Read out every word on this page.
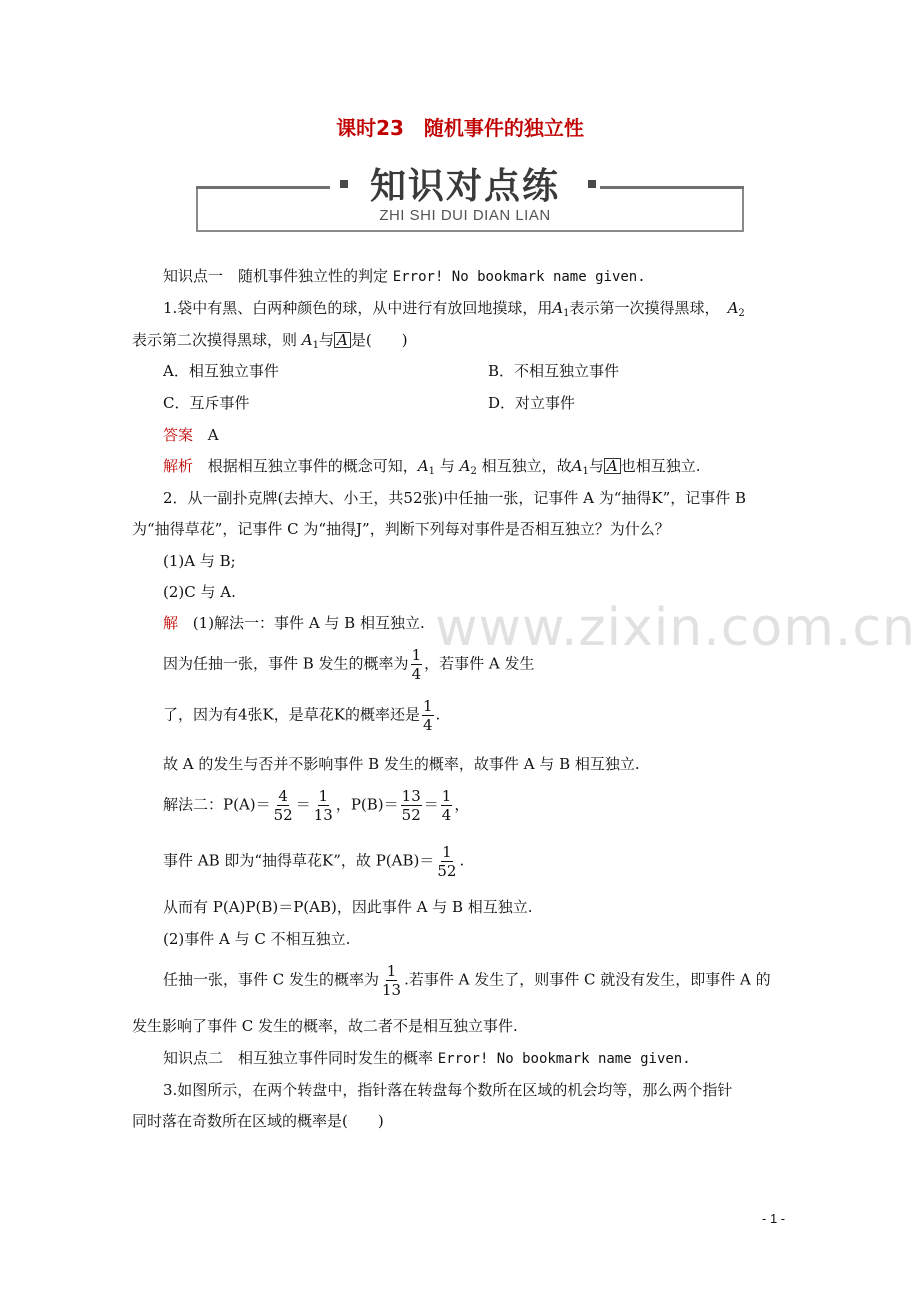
课时23　随机事件的独立性
知识对点练
ZHI SHI DUI DIAN LIAN
www.zixin.com.cn
知识点一　随机事件独立性的判定 Error! No bookmark name given.
1.袋中有黑、白两种颜色的球，从中进行有放回地摸球，用$A_1$表示第一次摸得黑球， $A_2$
表示第二次摸得黑球，则 $A_1$与 A 是(　　)
A．相互独立事件	B．不相互独立事件
C．互斥事件	D．对立事件
答案 A
解析 根据相互独立事件的概念可知，$A_1$ 与 $A_2$ 相互独立，故$A_1$与 A 也相互独立.
2．从一副扑克牌(去掉大、小王，共52张)中任抽一张，记事件 A 为“抽得K”，记事件 B
为“抽得草花”，记事件 C 为“抽得J”，判断下列每对事件是否相互独立？为什么？
(1)A 与 B;
(2)C 与 A.
解 (1)解法一：事件 A 与 B 相互独立.
因为任抽一张，事件 B 发生的概率为 $\frac{1}{4}$ ，若事件 A 发生
了，因为有4张K，是草花K的概率还是 $\frac{1}{4}$ .
故 A 的发生与否并不影响事件 B 发生的概率，故事件 A 与 B 相互独立.
解法二：$P(A)= \frac{4}{52} = \frac{1}{13}$ ，$P(B)= \frac{13}{52} = \frac{1}{4}$ ，
事件 AB 即为“抽得草花K”，故 $P(AB)= \frac{1}{52}$ .
从而有 P(A)P(B)＝P(AB)，因此事件 A 与 B 相互独立.
(2)事件 A 与 C 不相互独立.
任抽一张，事件 C 发生的概率为 $\frac{1}{13}$ .若事件 A 发生了，则事件 C 就没有发生，即事件 A 的
发生影响了事件 C 发生的概率，故二者不是相互独立事件.
知识点二　相互独立事件同时发生的概率 Error! No bookmark name given.
3.如图所示，在两个转盘中，指针落在转盘每个数所在区域的机会均等，那么两个指针
同时落在奇数所在区域的概率是(　　)
- 1 -
